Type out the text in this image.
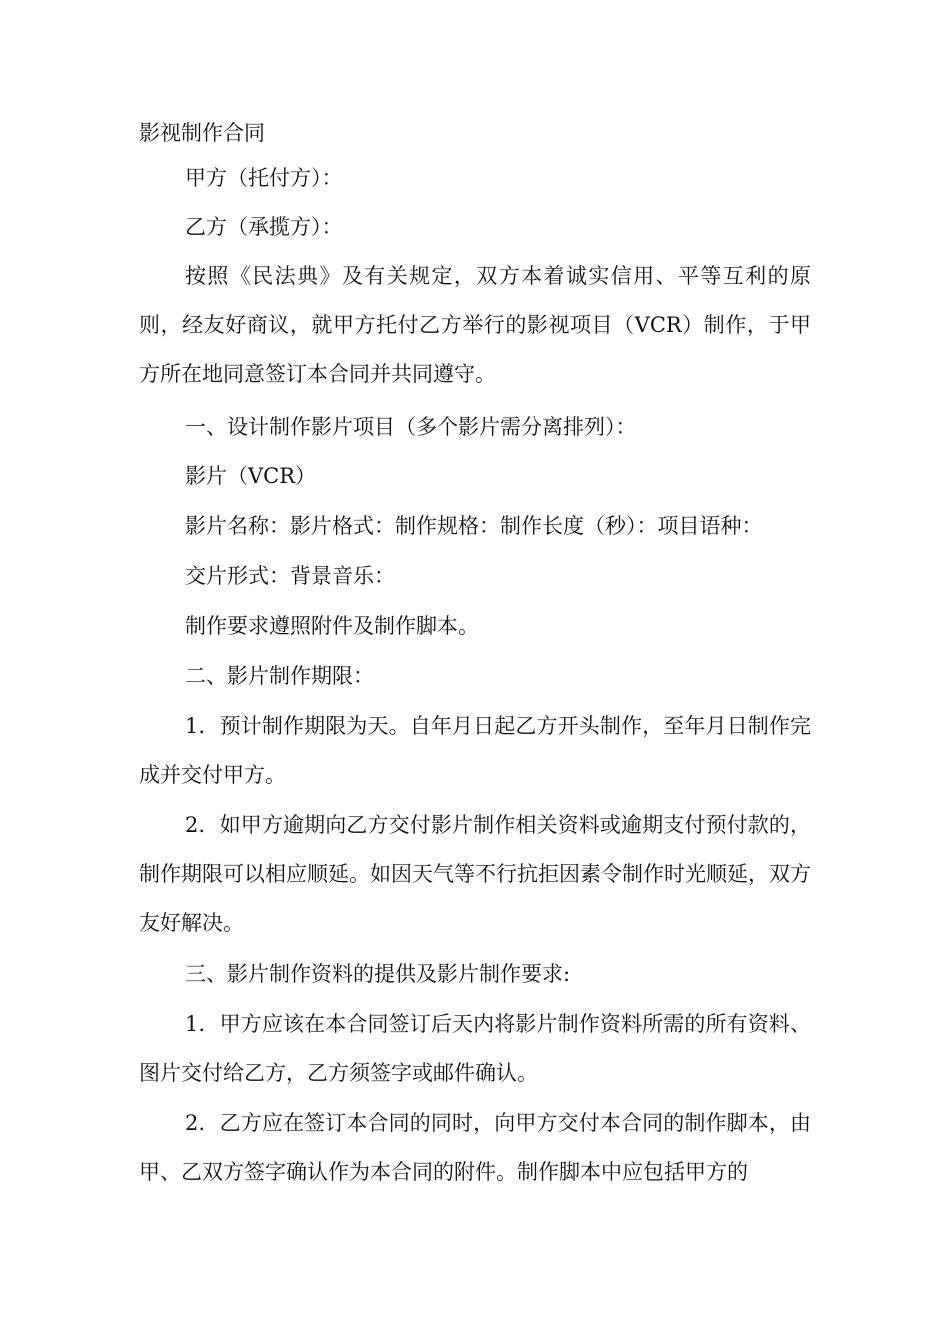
影视制作合同

甲方（托付方）：

乙方（承揽方）：

按照《民法典》及有关规定，双方本着诚实信用、平等互利的原则，经友好商议，就甲方托付乙方举行的影视项目（VCR）制作，于甲方所在地同意签订本合同并共同遵守。

一、设计制作影片项目（多个影片需分离排列）：

影片（VCR）

影片名称：影片格式：制作规格：制作长度（秒）：项目语种：

交片形式：背景音乐：

制作要求遵照附件及制作脚本。

二、影片制作期限：

1．预计制作期限为天。自年月日起乙方开头制作，至年月日制作完成并交付甲方。

2．如甲方逾期向乙方交付影片制作相关资料或逾期支付预付款的，制作期限可以相应顺延。如因天气等不行抗拒因素令制作时光顺延，双方友好解决。

三、影片制作资料的提供及影片制作要求:

1．甲方应该在本合同签订后天内将影片制作资料所需的所有资料、图片交付给乙方，乙方须签字或邮件确认。

2．乙方应在签订本合同的同时，向甲方交付本合同的制作脚本，由甲、乙双方签字确认作为本合同的附件。制作脚本中应包括甲方的
